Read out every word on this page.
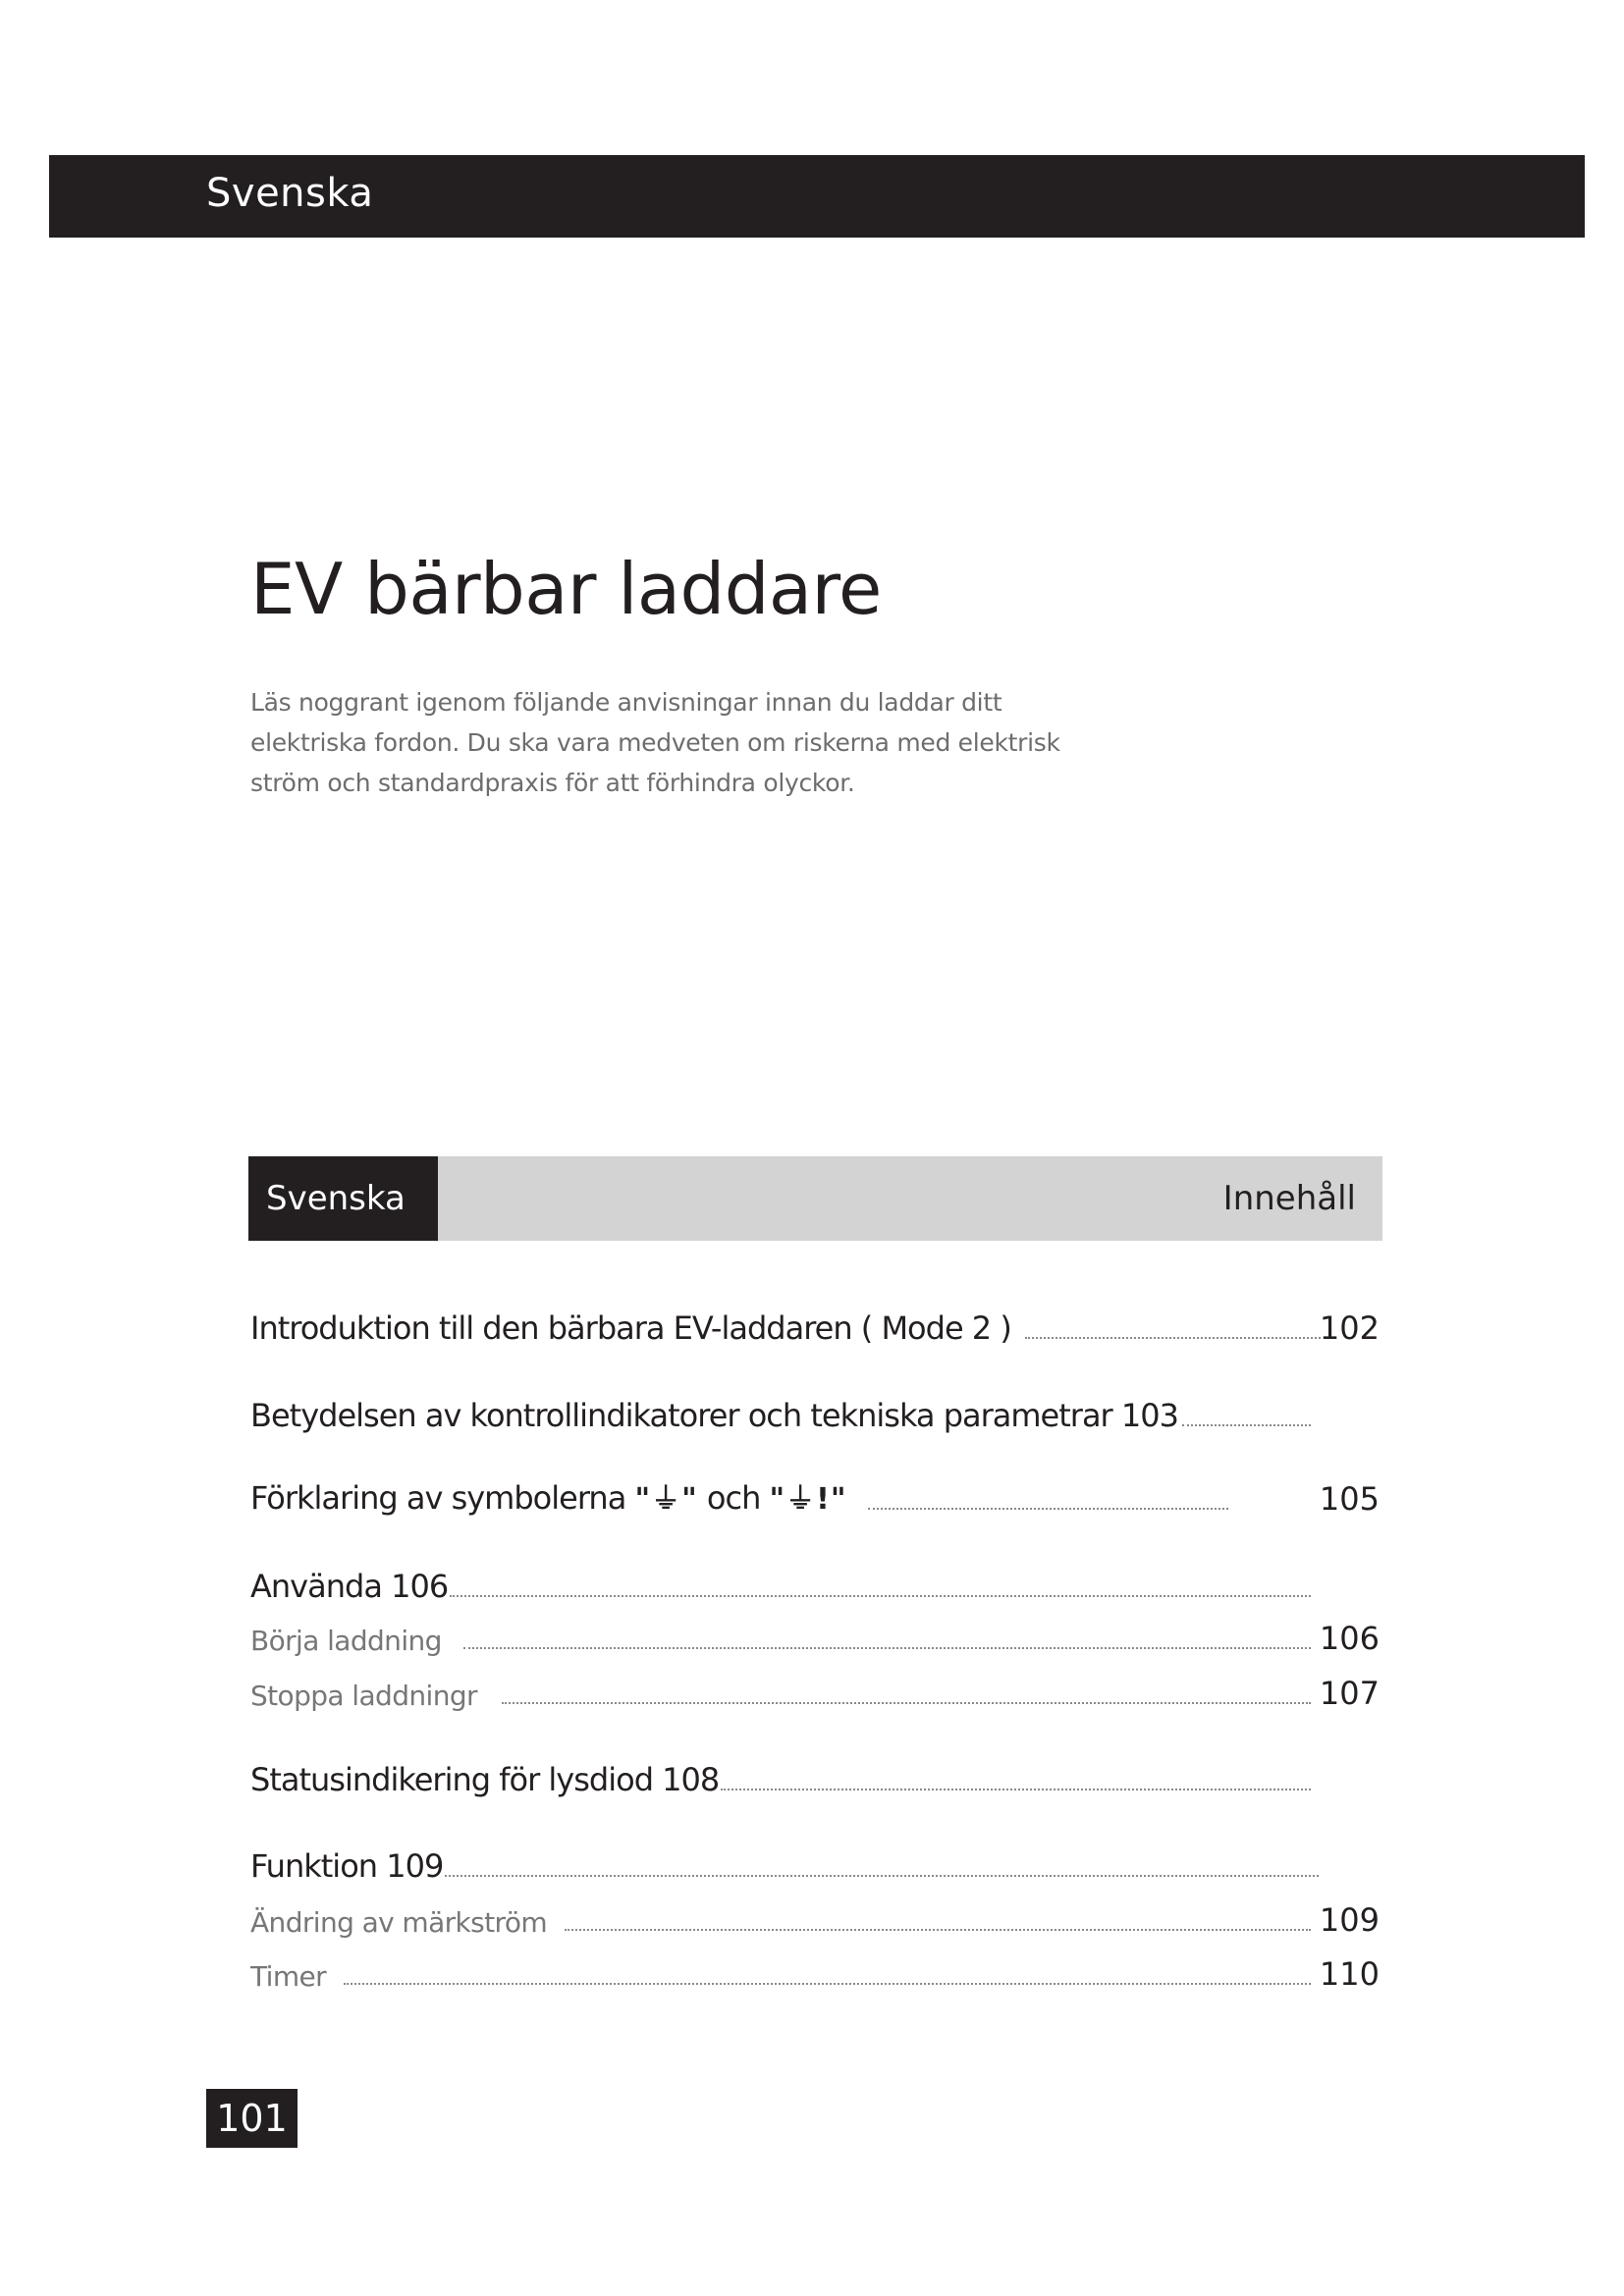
Svenska
EV bärbar laddare

Läs noggrant igenom följande anvisningar innan du laddar ditt elektriska fordon. Du ska vara medveten om riskerna med elektrisk ström och standardpraxis för att förhindra olyckor.

Svenska	Innehåll
Introduktion till den bärbara EV-laddaren ( Mode 2 )	102
Betydelsen av kontrollindikatorer och tekniska parametrar 103
Förklaring av symbolerna "⏚" och "⏚!"	105
Använda 106
Börja laddning	106
Stoppa laddningr	107
Statusindikering för lysdiod 108
Funktion 109
Ändring av märkström	109
Timer	110
101
